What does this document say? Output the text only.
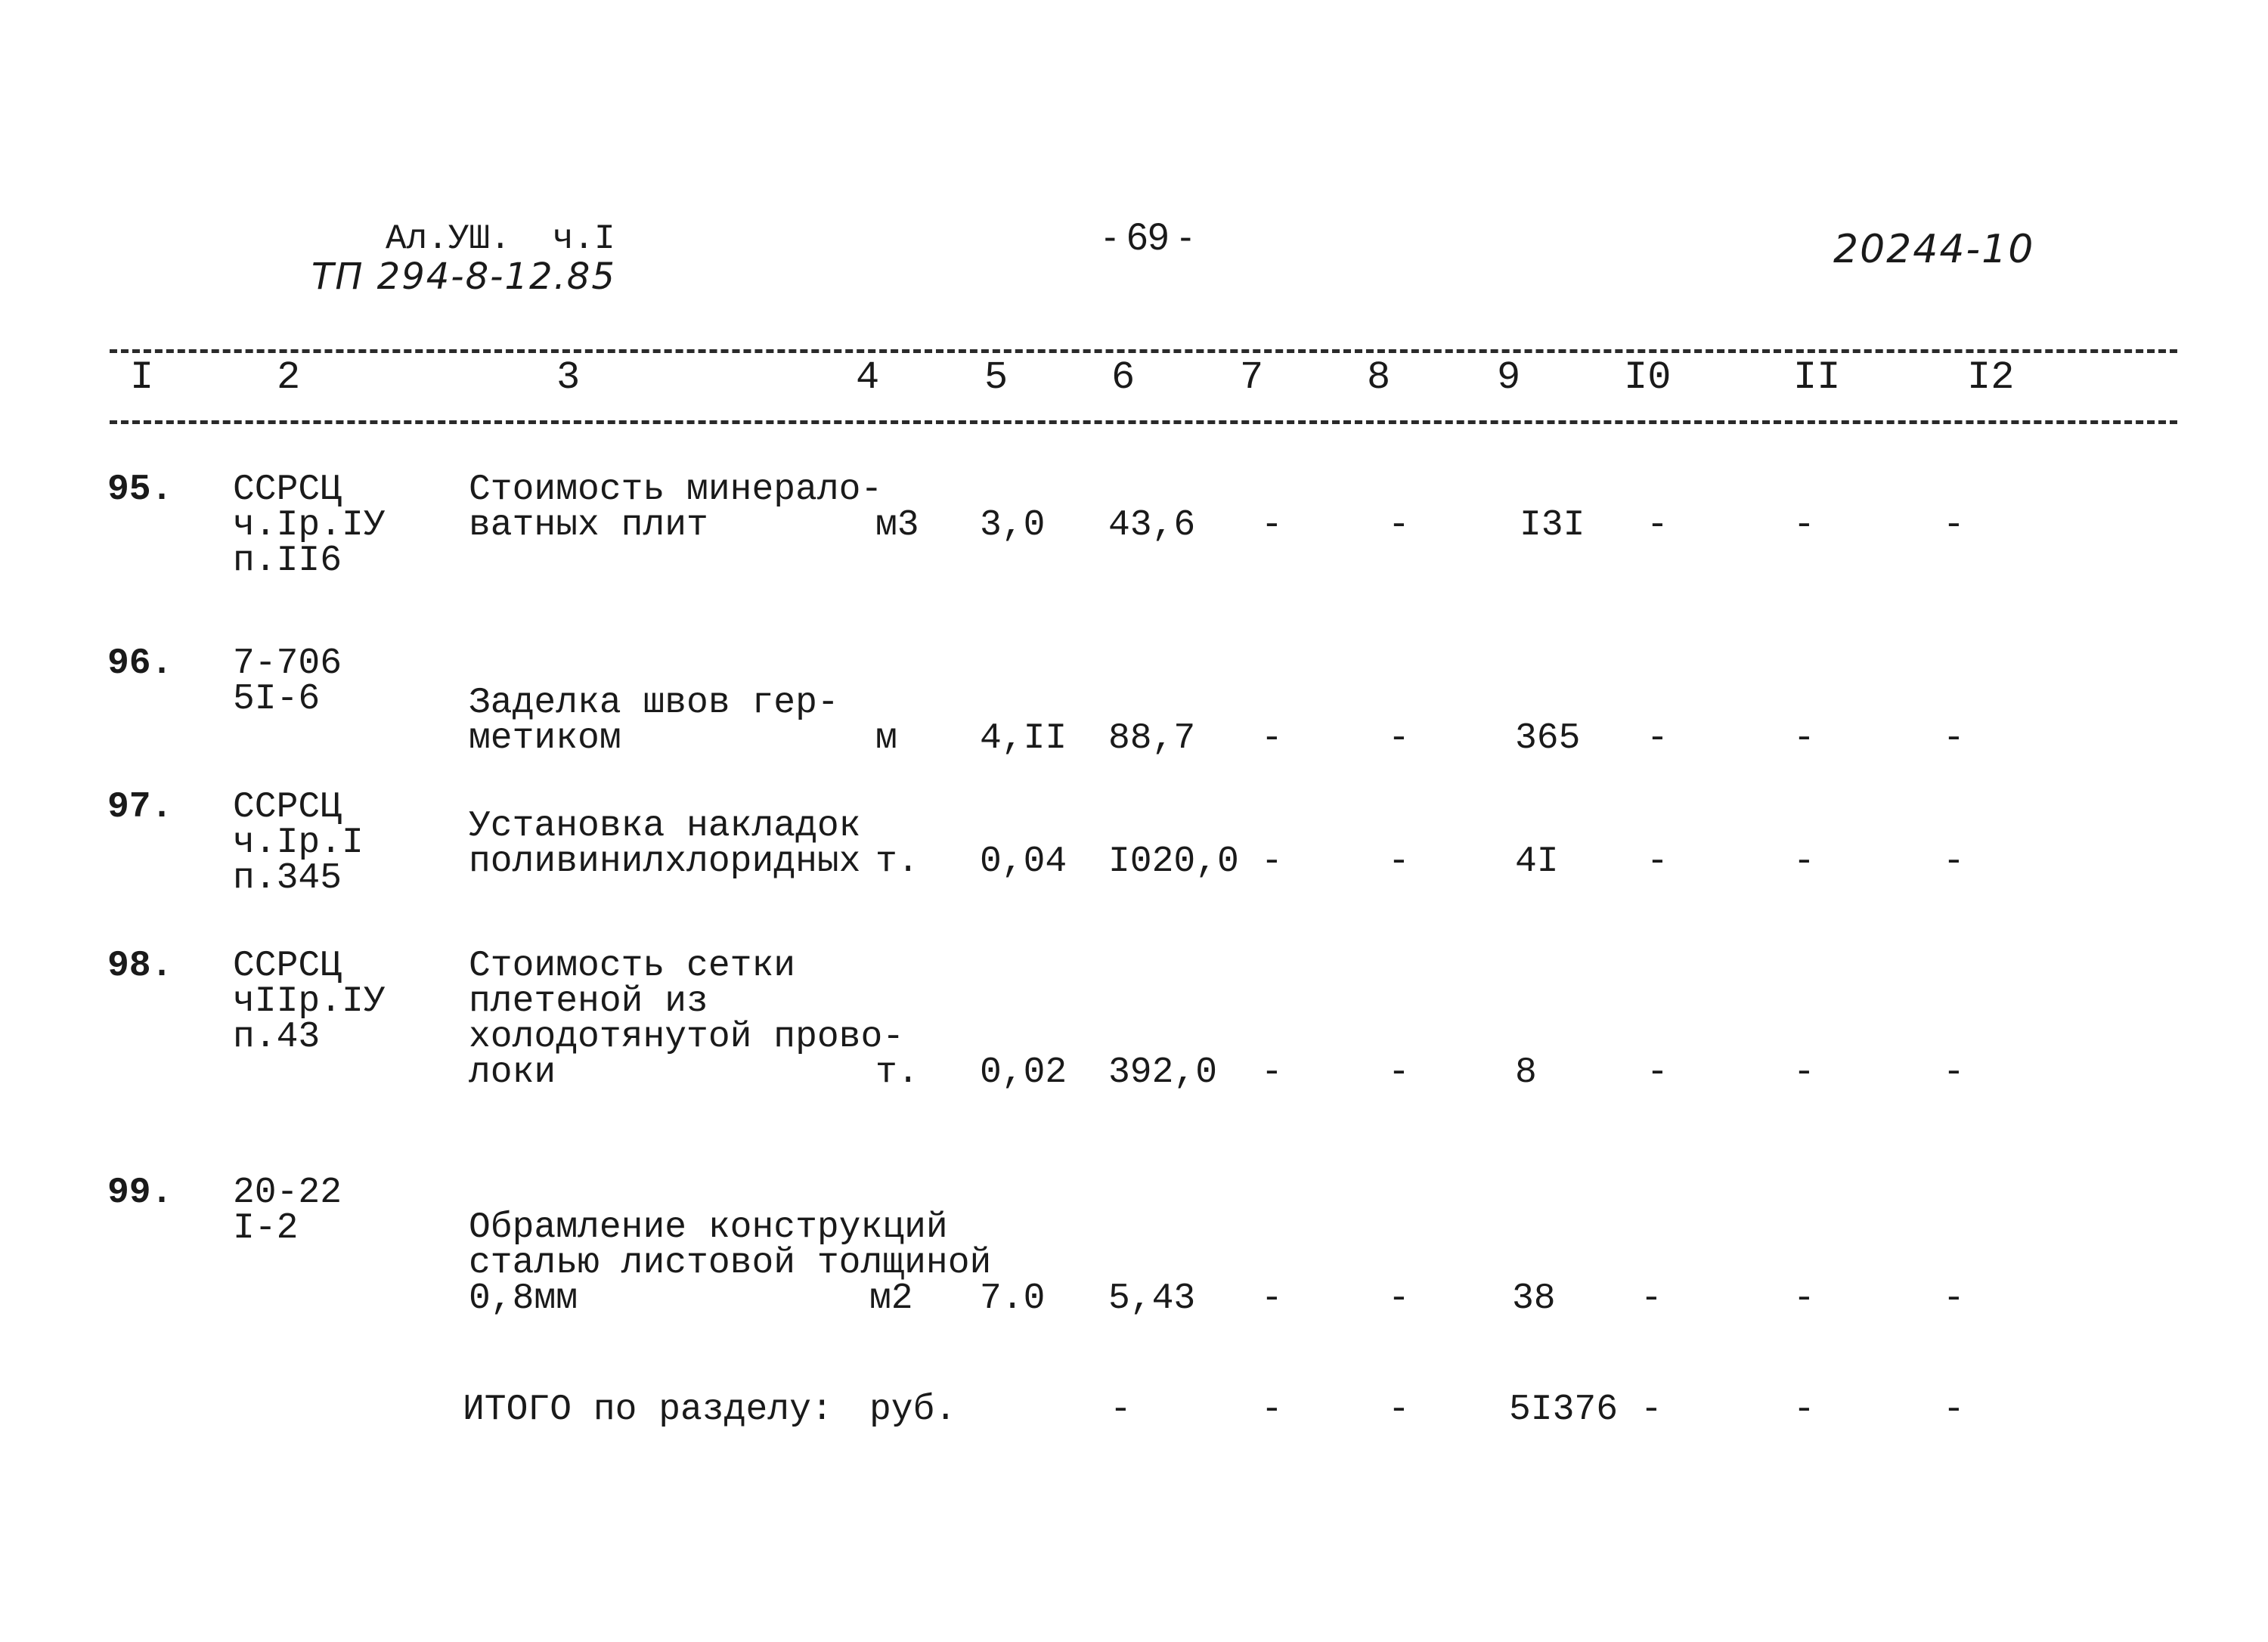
Ал.УШ.  ч.I
ТП 294-8-12.85
- 69 -	20244-10
I	2	3	4	5	6	7	8	9	I0	II	I2
95. ССРСЦ
ч.Iр.IУ
п.II6
Стоимость минерало-
ватных плит	м3 3,0 43,6 -	-	I3I -	-	-
96. 7-706
5I-6	Заделка швов гер-
метиком	м 4,II 88,7 -	-	365 -	-	-
97. ССРСЦ
ч.Iр.I
п.345
Установка накладок
поливинилхлоридных т. 0,04 I020,0 -	-	4I -	-	-
98. ССРСЦ
чIIр.IУ
п.43
Стоимость сетки
плетеной из
холодотянутой прово-
локи	т. 0,02 392,0 -	-	8	-	-	-
99. 20-22
I-2	Обрамление конструкций
сталью листовой толщиной
0,8мм	м2 7.0 5,43 -	-	38 -	-	-
ИТОГО по разделу: руб.	-	-	-	5I376 -	-	-
